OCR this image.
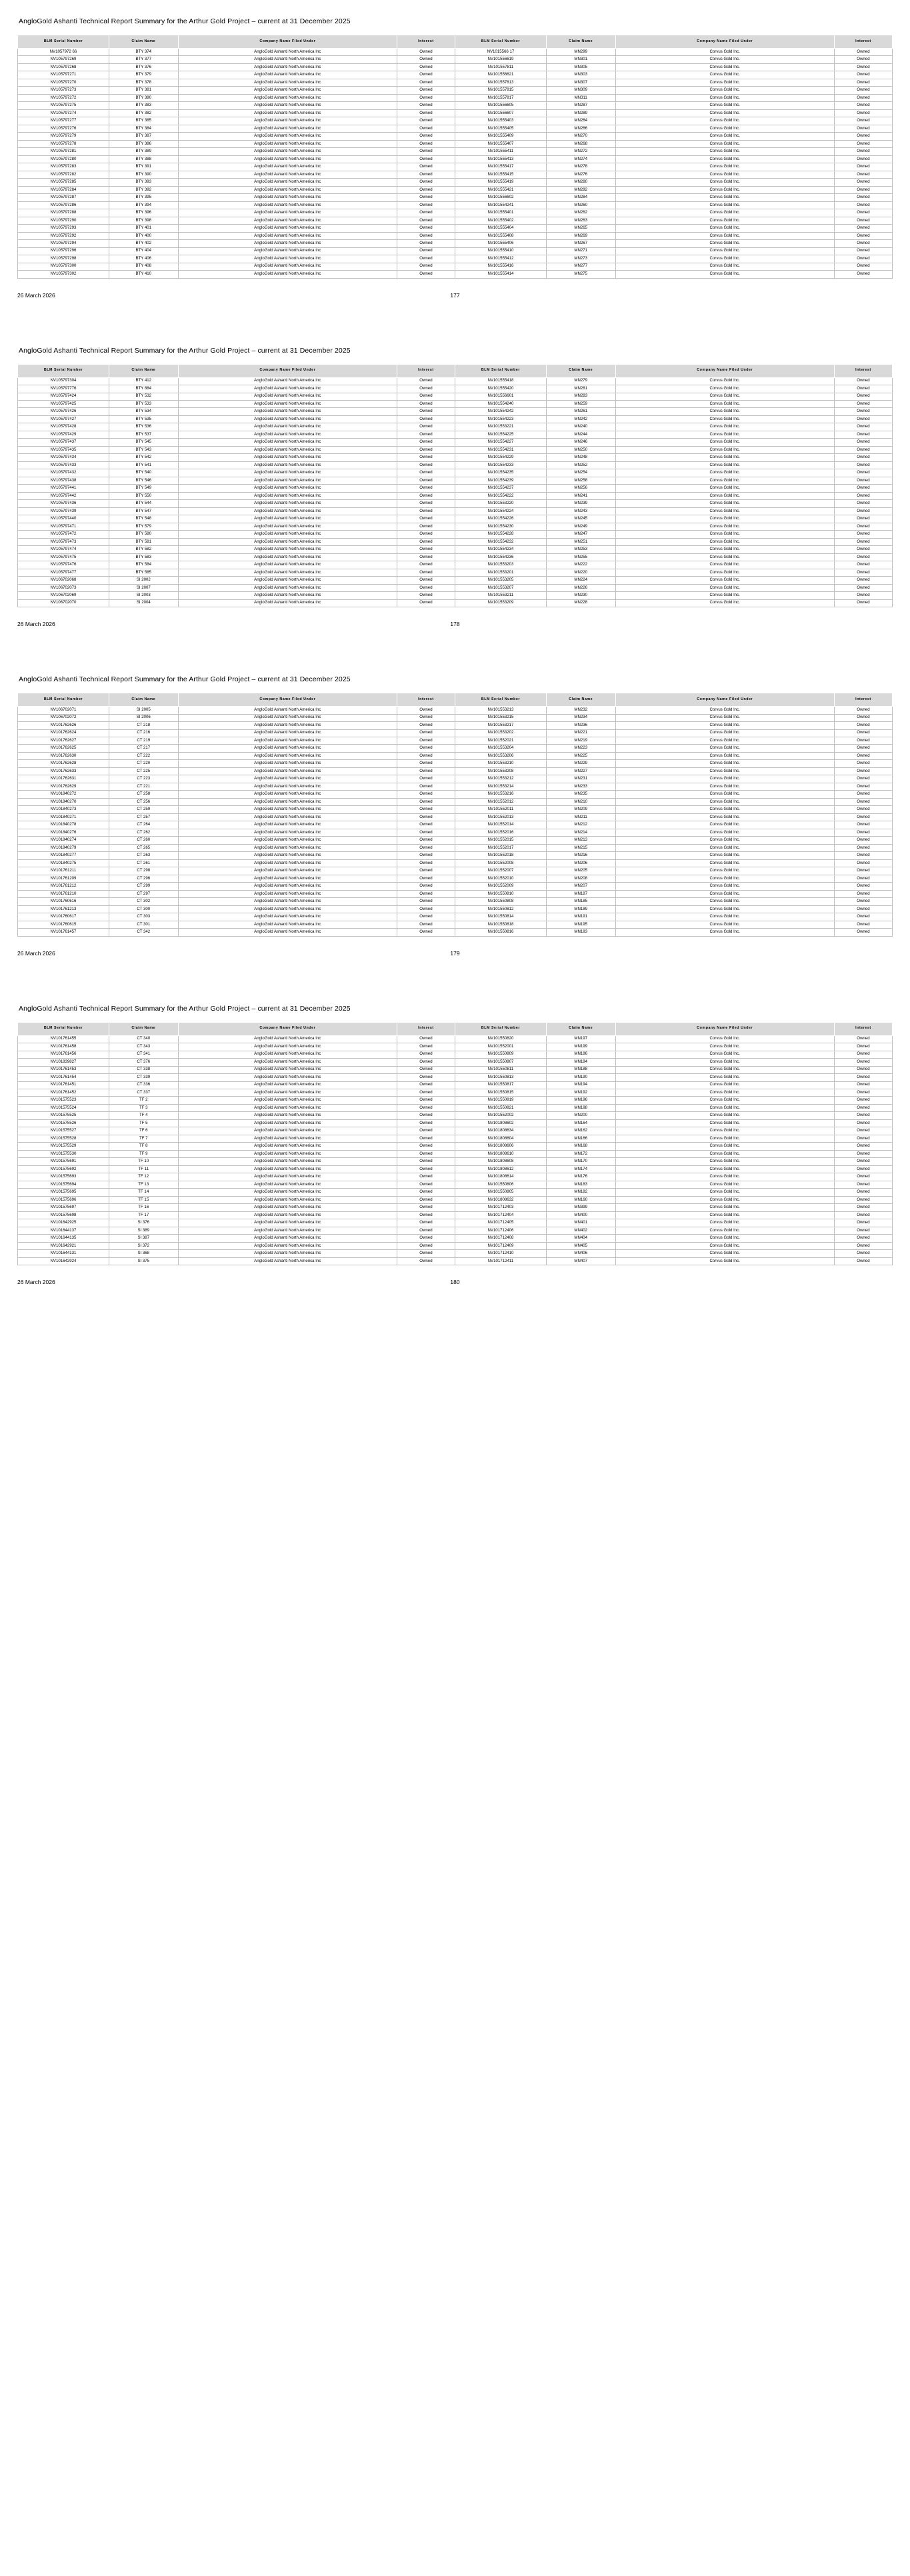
AngloGold Ashanti Technical Report Summary for the Arthur Gold Project – current at 31 December 2025
BLM Serial Number	Claim Name	Company Name Filed Under	Interest	BLM Serial Number	Claim Name	Company Name Filed Under	Interest
NV1057972 66	BTY 374	AngloGold Ashanti North America Inc	Owned	NV1015566 17	MN299	Corvus Gold Inc.	Owned
NV105797269	BTY 377	AngloGold Ashanti North America Inc	Owned	NV101556619	MN301	Corvus Gold Inc.	Owned
NV105797268	BTY 376	AngloGold Ashanti North America Inc	Owned	NV101557811	MN305	Corvus Gold Inc.	Owned
NV105797271	BTY 379	AngloGold Ashanti North America Inc	Owned	NV101556621	MN303	Corvus Gold Inc.	Owned
NV105797270	BTY 378	AngloGold Ashanti North America Inc	Owned	NV101557813	MN307	Corvus Gold Inc.	Owned
NV105797273	BTY 381	AngloGold Ashanti North America Inc	Owned	NV101557815	MN309	Corvus Gold Inc.	Owned
NV105797272	BTY 380	AngloGold Ashanti North America Inc	Owned	NV101557817	MN311	Corvus Gold Inc.	Owned
NV105797275	BTY 383	AngloGold Ashanti North America Inc	Owned	NV101556605	MN287	Corvus Gold Inc.	Owned
NV105797274	BTY 382	AngloGold Ashanti North America Inc	Owned	NV101556607	MN289	Corvus Gold Inc.	Owned
NV105797277	BTY 385	AngloGold Ashanti North America Inc	Owned	NV101555403	MN264	Corvus Gold Inc.	Owned
NV105797276	BTY 384	AngloGold Ashanti North America Inc	Owned	NV101555405	MN266	Corvus Gold Inc.	Owned
NV105797279	BTY 387	AngloGold Ashanti North America Inc	Owned	NV101555409	MN270	Corvus Gold Inc.	Owned
NV105797278	BTY 386	AngloGold Ashanti North America Inc	Owned	NV101555407	MN268	Corvus Gold Inc.	Owned
NV105797281	BTY 389	AngloGold Ashanti North America Inc	Owned	NV101555411	MN272	Corvus Gold Inc.	Owned
NV105797280	BTY 388	AngloGold Ashanti North America Inc	Owned	NV101555413	MN274	Corvus Gold Inc.	Owned
NV105797283	BTY 391	AngloGold Ashanti North America Inc	Owned	NV101555417	MN278	Corvus Gold Inc.	Owned
NV105797282	BTY 390	AngloGold Ashanti North America Inc	Owned	NV101555415	MN276	Corvus Gold Inc.	Owned
NV105797285	BTY 393	AngloGold Ashanti North America Inc	Owned	NV101555419	MN280	Corvus Gold Inc.	Owned
NV105797284	BTY 392	AngloGold Ashanti North America Inc	Owned	NV101555421	MN282	Corvus Gold Inc.	Owned
NV105797287	BTY 395	AngloGold Ashanti North America Inc	Owned	NV101556602	MN284	Corvus Gold Inc.	Owned
NV105797286	BTY 394	AngloGold Ashanti North America Inc	Owned	NV101554241	MN260	Corvus Gold Inc.	Owned
NV105797288	BTY 396	AngloGold Ashanti North America Inc	Owned	NV101555401	MN262	Corvus Gold Inc.	Owned
NV105797290	BTY 398	AngloGold Ashanti North America Inc	Owned	NV101555402	MN263	Corvus Gold Inc.	Owned
NV105797293	BTY 401	AngloGold Ashanti North America Inc	Owned	NV101555404	MN265	Corvus Gold Inc.	Owned
NV105797292	BTY 400	AngloGold Ashanti North America Inc	Owned	NV101555408	MN269	Corvus Gold Inc.	Owned
NV105797294	BTY 402	AngloGold Ashanti North America Inc	Owned	NV101555406	MN267	Corvus Gold Inc.	Owned
NV105797296	BTY 404	AngloGold Ashanti North America Inc	Owned	NV101555410	MN271	Corvus Gold Inc.	Owned
NV105797298	BTY 406	AngloGold Ashanti North America Inc	Owned	NV101555412	MN273	Corvus Gold Inc.	Owned
NV105797300	BTY 408	AngloGold Ashanti North America Inc	Owned	NV101555416	MN277	Corvus Gold Inc.	Owned
NV105797302	BTY 410	AngloGold Ashanti North America Inc	Owned	NV101555414	MN275	Corvus Gold Inc.	Owned
26 March 2026	177
AngloGold Ashanti Technical Report Summary for the Arthur Gold Project – current at 31 December 2025
BLM Serial Number	Claim Name	Company Name Filed Under	Interest	BLM Serial Number	Claim Name	Company Name Filed Under	Interest
NV105797304	BTY 412	AngloGold Ashanti North America Inc	Owned	NV101555418	MN279	Corvus Gold Inc.	Owned
NV105797776	BTY 884	AngloGold Ashanti North America Inc	Owned	NV101555420	MN281	Corvus Gold Inc.	Owned
NV105797424	BTY 532	AngloGold Ashanti North America Inc	Owned	NV101556601	MN283	Corvus Gold Inc.	Owned
NV105797425	BTY 533	AngloGold Ashanti North America Inc	Owned	NV101554240	MN259	Corvus Gold Inc.	Owned
NV105797426	BTY 534	AngloGold Ashanti North America Inc	Owned	NV101554242	MN261	Corvus Gold Inc.	Owned
NV105797427	BTY 535	AngloGold Ashanti North America Inc	Owned	NV101554223	MN242	Corvus Gold Inc.	Owned
NV105797428	BTY 536	AngloGold Ashanti North America Inc	Owned	NV101553221	MN240	Corvus Gold Inc.	Owned
NV105797429	BTY 537	AngloGold Ashanti North America Inc	Owned	NV101554225	MN244	Corvus Gold Inc.	Owned
NV105797437	BTY 545	AngloGold Ashanti North America Inc	Owned	NV101554227	MN246	Corvus Gold Inc.	Owned
NV105797435	BTY 543	AngloGold Ashanti North America Inc	Owned	NV101554231	MN250	Corvus Gold Inc.	Owned
NV105797434	BTY 542	AngloGold Ashanti North America Inc	Owned	NV101554229	MN248	Corvus Gold Inc.	Owned
NV105797433	BTY 541	AngloGold Ashanti North America Inc	Owned	NV101554233	MN252	Corvus Gold Inc.	Owned
NV105797432	BTY 540	AngloGold Ashanti North America Inc	Owned	NV101554235	MN254	Corvus Gold Inc.	Owned
NV105797438	BTY 546	AngloGold Ashanti North America Inc	Owned	NV101554239	MN258	Corvus Gold Inc.	Owned
NV105797441	BTY 549	AngloGold Ashanti North America Inc	Owned	NV101554237	MN256	Corvus Gold Inc.	Owned
NV105797442	BTY 550	AngloGold Ashanti North America Inc	Owned	NV101554222	MN241	Corvus Gold Inc.	Owned
NV105797436	BTY 544	AngloGold Ashanti North America Inc	Owned	NV101553220	MN239	Corvus Gold Inc.	Owned
NV105797439	BTY 547	AngloGold Ashanti North America Inc	Owned	NV101554224	MN243	Corvus Gold Inc.	Owned
NV105797440	BTY 548	AngloGold Ashanti North America Inc	Owned	NV101554226	MN245	Corvus Gold Inc.	Owned
NV105797471	BTY 579	AngloGold Ashanti North America Inc	Owned	NV101554230	MN249	Corvus Gold Inc.	Owned
NV105797472	BTY 580	AngloGold Ashanti North America Inc	Owned	NV101554228	MN247	Corvus Gold Inc.	Owned
NV105797473	BTY 581	AngloGold Ashanti North America Inc	Owned	NV101554232	MN251	Corvus Gold Inc.	Owned
NV105797474	BTY 582	AngloGold Ashanti North America Inc	Owned	NV101554234	MN253	Corvus Gold Inc.	Owned
NV105797475	BTY 583	AngloGold Ashanti North America Inc	Owned	NV101554236	MN255	Corvus Gold Inc.	Owned
NV105797476	BTY 584	AngloGold Ashanti North America Inc	Owned	NV101553203	MN222	Corvus Gold Inc.	Owned
NV105797477	BTY 585	AngloGold Ashanti North America Inc	Owned	NV101553201	MN220	Corvus Gold Inc.	Owned
NV106702068	SI 2002	AngloGold Ashanti North America Inc	Owned	NV101553205	MN224	Corvus Gold Inc.	Owned
NV106702073	SI 2007	AngloGold Ashanti North America Inc	Owned	NV101553207	MN226	Corvus Gold Inc.	Owned
NV106702069	SI 2003	AngloGold Ashanti North America Inc	Owned	NV101553211	MN230	Corvus Gold Inc.	Owned
NV106702070	SI 2004	AngloGold Ashanti North America Inc	Owned	NV101553209	MN228	Corvus Gold Inc.	Owned
26 March 2026	178
AngloGold Ashanti Technical Report Summary for the Arthur Gold Project – current at 31 December 2025
BLM Serial Number	Claim Name	Company Name Filed Under	Interest	BLM Serial Number	Claim Name	Company Name Filed Under	Interest
NV106702071	SI 2005	AngloGold Ashanti North America Inc	Owned	NV101553213	MN232	Corvus Gold Inc.	Owned
NV106702072	SI 2006	AngloGold Ashanti North America Inc	Owned	NV101553215	MN234	Corvus Gold Inc.	Owned
NV101762626	CT 218	AngloGold Ashanti North America Inc	Owned	NV101553217	MN236	Corvus Gold Inc.	Owned
NV101762624	CT 216	AngloGold Ashanti North America Inc	Owned	NV101553202	MN221	Corvus Gold Inc.	Owned
NV101762627	CT 219	AngloGold Ashanti North America Inc	Owned	NV101552021	MN219	Corvus Gold Inc.	Owned
NV101762625	CT 217	AngloGold Ashanti North America Inc	Owned	NV101553204	MN223	Corvus Gold Inc.	Owned
NV101762630	CT 222	AngloGold Ashanti North America Inc	Owned	NV101553206	MN225	Corvus Gold Inc.	Owned
NV101762628	CT 220	AngloGold Ashanti North America Inc	Owned	NV101553210	MN229	Corvus Gold Inc.	Owned
NV101762633	CT 225	AngloGold Ashanti North America Inc	Owned	NV101553208	MN227	Corvus Gold Inc.	Owned
NV101762631	CT 223	AngloGold Ashanti North America Inc	Owned	NV101553212	MN231	Corvus Gold Inc.	Owned
NV101762629	CT 221	AngloGold Ashanti North America Inc	Owned	NV101553214	MN233	Corvus Gold Inc.	Owned
NV101840272	CT 258	AngloGold Ashanti North America Inc	Owned	NV101553216	MN235	Corvus Gold Inc.	Owned
NV101840270	CT 256	AngloGold Ashanti North America Inc	Owned	NV101552012	MN210	Corvus Gold Inc.	Owned
NV101840273	CT 259	AngloGold Ashanti North America Inc	Owned	NV101552011	MN209	Corvus Gold Inc.	Owned
NV101840271	CT 257	AngloGold Ashanti North America Inc	Owned	NV101552013	MN211	Corvus Gold Inc.	Owned
NV101840278	CT 264	AngloGold Ashanti North America Inc	Owned	NV101552014	MN212	Corvus Gold Inc.	Owned
NV101840276	CT 262	AngloGold Ashanti North America Inc	Owned	NV101552016	MN214	Corvus Gold Inc.	Owned
NV101840274	CT 260	AngloGold Ashanti North America Inc	Owned	NV101552015	MN213	Corvus Gold Inc.	Owned
NV101840279	CT 265	AngloGold Ashanti North America Inc	Owned	NV101552017	MN215	Corvus Gold Inc.	Owned
NV101840277	CT 263	AngloGold Ashanti North America Inc	Owned	NV101552018	MN216	Corvus Gold Inc.	Owned
NV101840275	CT 261	AngloGold Ashanti North America Inc	Owned	NV101552008	MN206	Corvus Gold Inc.	Owned
NV101761211	CT 298	AngloGold Ashanti North America Inc	Owned	NV101552007	MN205	Corvus Gold Inc.	Owned
NV101761209	CT 296	AngloGold Ashanti North America Inc	Owned	NV101552010	MN208	Corvus Gold Inc.	Owned
NV101761212	CT 299	AngloGold Ashanti North America Inc	Owned	NV101552009	MN207	Corvus Gold Inc.	Owned
NV101761210	CT 297	AngloGold Ashanti North America Inc	Owned	NV101550810	MN187	Corvus Gold Inc.	Owned
NV101760616	CT 302	AngloGold Ashanti North America Inc	Owned	NV101550808	MN185	Corvus Gold Inc.	Owned
NV101761213	CT 300	AngloGold Ashanti North America Inc	Owned	NV101550812	MN189	Corvus Gold Inc.	Owned
NV101760617	CT 303	AngloGold Ashanti North America Inc	Owned	NV101550814	MN191	Corvus Gold Inc.	Owned
NV101760615	CT 301	AngloGold Ashanti North America Inc	Owned	NV101550818	MN195	Corvus Gold Inc.	Owned
NV101761457	CT 342	AngloGold Ashanti North America Inc	Owned	NV101550816	MN193	Corvus Gold Inc.	Owned
26 March 2026	179
AngloGold Ashanti Technical Report Summary for the Arthur Gold Project – current at 31 December 2025
BLM Serial Number	Claim Name	Company Name Filed Under	Interest	BLM Serial Number	Claim Name	Company Name Filed Under	Interest
NV101761455	CT 340	AngloGold Ashanti North America Inc	Owned	NV101550820	MN197	Corvus Gold Inc.	Owned
NV101761458	CT 343	AngloGold Ashanti North America Inc	Owned	NV101552001	MN199	Corvus Gold Inc.	Owned
NV101761456	CT 341	AngloGold Ashanti North America Inc	Owned	NV101550809	MN186	Corvus Gold Inc.	Owned
NV101839827	CT 376	AngloGold Ashanti North America Inc	Owned	NV101550807	MN184	Corvus Gold Inc.	Owned
NV101761453	CT 338	AngloGold Ashanti North America Inc	Owned	NV101550811	MN188	Corvus Gold Inc.	Owned
NV101761454	CT 339	AngloGold Ashanti North America Inc	Owned	NV101550813	MN190	Corvus Gold Inc.	Owned
NV101761451	CT 336	AngloGold Ashanti North America Inc	Owned	NV101550817	MN194	Corvus Gold Inc.	Owned
NV101761452	CT 337	AngloGold Ashanti North America Inc	Owned	NV101550815	MN192	Corvus Gold Inc.	Owned
NV101575523	TF 2	AngloGold Ashanti North America Inc	Owned	NV101550819	MN196	Corvus Gold Inc.	Owned
NV101575524	TF 3	AngloGold Ashanti North America Inc	Owned	NV101550821	MN198	Corvus Gold Inc.	Owned
NV101575525	TF 4	AngloGold Ashanti North America Inc	Owned	NV101552002	MN200	Corvus Gold Inc.	Owned
NV101575526	TF 5	AngloGold Ashanti North America Inc	Owned	NV101808602	MN164	Corvus Gold Inc.	Owned
NV101575527	TF 6	AngloGold Ashanti North America Inc	Owned	NV101808634	MN162	Corvus Gold Inc.	Owned
NV101575528	TF 7	AngloGold Ashanti North America Inc	Owned	NV101808604	MN166	Corvus Gold Inc.	Owned
NV101575529	TF 8	AngloGold Ashanti North America Inc	Owned	NV101808606	MN168	Corvus Gold Inc.	Owned
NV101575530	TF 9	AngloGold Ashanti North America Inc	Owned	NV101808610	MN172	Corvus Gold Inc.	Owned
NV101575691	TF 10	AngloGold Ashanti North America Inc	Owned	NV101808608	MN170	Corvus Gold Inc.	Owned
NV101575692	TF 11	AngloGold Ashanti North America Inc	Owned	NV101808612	MN174	Corvus Gold Inc.	Owned
NV101575693	TF 12	AngloGold Ashanti North America Inc	Owned	NV101808614	MN176	Corvus Gold Inc.	Owned
NV101575694	TF 13	AngloGold Ashanti North America Inc	Owned	NV101550806	MN183	Corvus Gold Inc.	Owned
NV101575695	TF 14	AngloGold Ashanti North America Inc	Owned	NV101550805	MN182	Corvus Gold Inc.	Owned
NV101575696	TF 15	AngloGold Ashanti North America Inc	Owned	NV101808632	MN160	Corvus Gold Inc.	Owned
NV101575697	TF 16	AngloGold Ashanti North America Inc	Owned	NV101712403	MN399	Corvus Gold Inc.	Owned
NV101575698	TF 17	AngloGold Ashanti North America Inc	Owned	NV101712404	MN400	Corvus Gold Inc.	Owned
NV101642925	SI 376	AngloGold Ashanti North America Inc	Owned	NV101712405	MN401	Corvus Gold Inc.	Owned
NV101644137	SI 389	AngloGold Ashanti North America Inc	Owned	NV101712406	MN402	Corvus Gold Inc.	Owned
NV101644135	SI 387	AngloGold Ashanti North America Inc	Owned	NV101712408	MN404	Corvus Gold Inc.	Owned
NV101642921	SI 372	AngloGold Ashanti North America Inc	Owned	NV101712409	MN405	Corvus Gold Inc.	Owned
NV101644131	SI 368	AngloGold Ashanti North America Inc	Owned	NV101712410	MN406	Corvus Gold Inc.	Owned
NV101642924	SI 375	AngloGold Ashanti North America Inc	Owned	NV101712411	MN407	Corvus Gold Inc.	Owned
26 March 2026	180
